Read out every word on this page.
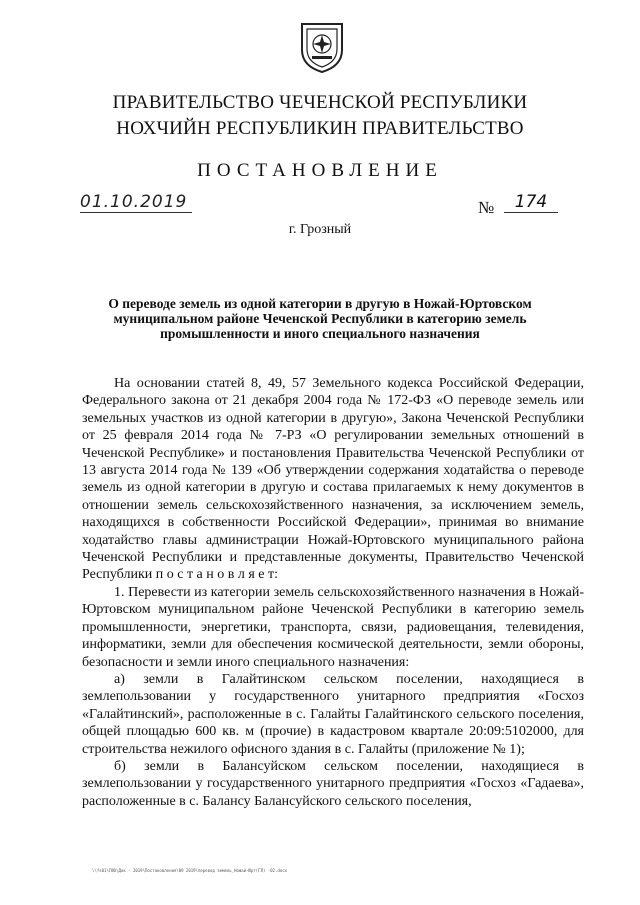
ПРАВИТЕЛЬСТВО ЧЕЧЕНСКОЙ РЕСПУБЛИКИ
НОХЧИЙН РЕСПУБЛИКИН ПРАВИТЕЛЬСТВО
ПОСТАНОВЛЕНИЕ
01.10.2019	№	174
г. Грозный
О переводе земель из одной категории в другую в Ножай-Юртовском муниципальном районе Чеченской Республики в категорию земель промышленности и иного специального назначения

На основании статей 8, 49, 57 Земельного кодекса Российской Федерации, Федерального закона от 21 декабря 2004 года № 172-ФЗ «О переводе земель или земельных участков из одной категории в другую», Закона Чеченской Республики от 25 февраля 2014 года № 7-РЗ «О регулировании земельных отношений в Чеченской Республике» и постановления Правительства Чеченской Республики от 13 августа 2014 года № 139 «Об утверждении содержания ходатайства о переводе земель из одной категории в другую и состава прилагаемых к нему документов в отношении земель сельскохозяйственного назначения, за исключением земель, находящихся в собственности Российской Федерации», принимая во внимание ходатайство главы администрации Ножай-Юртовского муниципального района Чеченской Республики и представленные документы, Правительство Чеченской Республики п о с т а н о в л я е т:

1. Перевести из категории земель сельскохозяйственного назначения в Ножай-Юртовском муниципальном районе Чеченской Республики в категорию земель промышленности, энергетики, транспорта, связи, радиовещания, телевидения, информатики, земли для обеспечения космической деятельности, земли обороны, безопасности и земли иного специального назначения:

а) земли в Галайтинском сельском поселении, находящиеся в землепользовании у государственного унитарного предприятия «Госхоз «Галайтинский», расположенные в с. Галайты Галайтинского сельского поселения, общей площадью 600 кв. м (прочие) в кадастровом квартале 20:09:5102000, для строительства нежилого офисного здания в с. Галайты (приложение № 1);

б) земли в Балансуйском сельском поселении, находящиеся в землепользовании у государственного унитарного предприятия «Госхоз «Гадаева», расположенные в с. Балансу Балансуйского сельского поселения,

\\fs01\ГЮО\Док - 2019\Постановления\09 2019\перевод земель_Ножай-Юрт(ГЛ) -02.docx
